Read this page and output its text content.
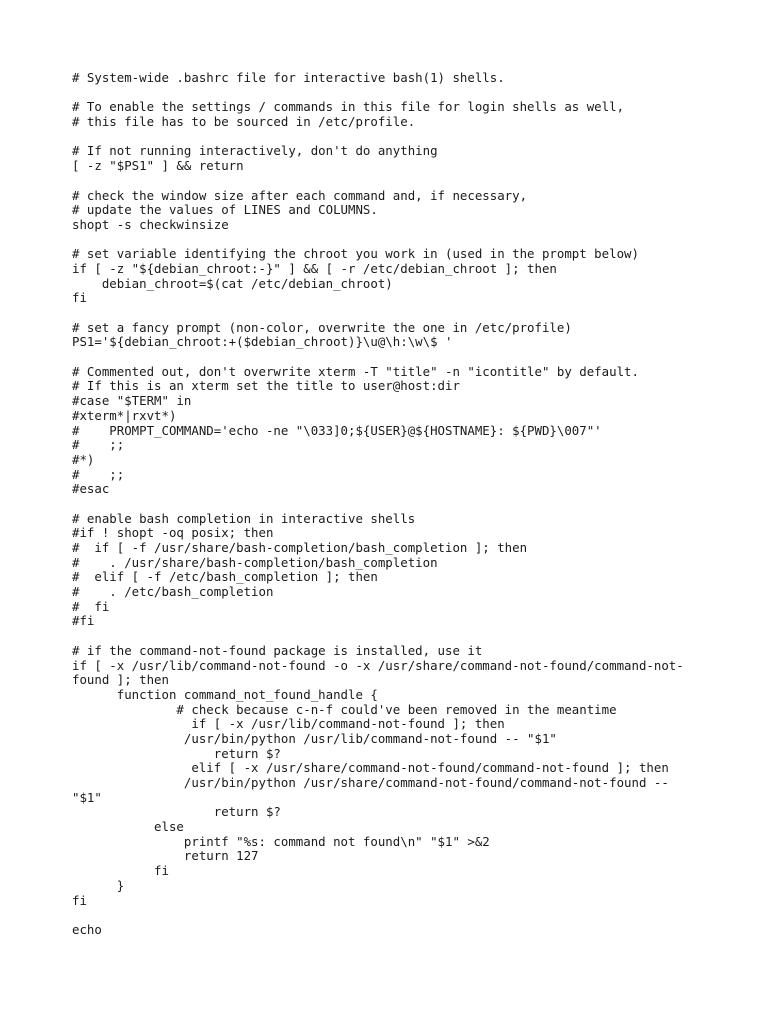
# System-wide .bashrc file for interactive bash(1) shells.
# To enable the settings / commands in this file for login shells as well,
# this file has to be sourced in /etc/profile.
# If not running interactively, don't do anything
[ -z "$PS1" ] && return
# check the window size after each command and, if necessary,
# update the values of LINES and COLUMNS.
shopt -s checkwinsize
# set variable identifying the chroot you work in (used in the prompt below)
if [ -z "${debian_chroot:-}" ] && [ -r /etc/debian_chroot ]; then
debian_chroot=$(cat /etc/debian_chroot)
fi
# set a fancy prompt (non-color, overwrite the one in /etc/profile)
PS1='${debian_chroot:+($debian_chroot)}\u@\h:\w\$ '
# Commented out, don't overwrite xterm -T "title" -n "icontitle" by default.
# If this is an xterm set the title to user@host:dir
#case "$TERM" in
#xterm*|rxvt*)
#    PROMPT_COMMAND='echo -ne "\033]0;${USER}@${HOSTNAME}: ${PWD}\007"'
#    ;;
#*)
#    ;;
#esac
# enable bash completion in interactive shells
#if ! shopt -oq posix; then
#  if [ -f /usr/share/bash-completion/bash_completion ]; then
#    . /usr/share/bash-completion/bash_completion
#  elif [ -f /etc/bash_completion ]; then
#    . /etc/bash_completion
#  fi
#fi
# if the command-not-found package is installed, use it
if [ -x /usr/lib/command-not-found -o -x /usr/share/command-not-found/command-not-
found ]; then
function command_not_found_handle {
# check because c-n-f could've been removed in the meantime
if [ -x /usr/lib/command-not-found ]; then
/usr/bin/python /usr/lib/command-not-found -- "$1"
return $?
elif [ -x /usr/share/command-not-found/command-not-found ]; then
/usr/bin/python /usr/share/command-not-found/command-not-found --
"$1"
return $?
else
printf "%s: command not found\n" "$1" >&2
return 127
fi
}
fi
echo
